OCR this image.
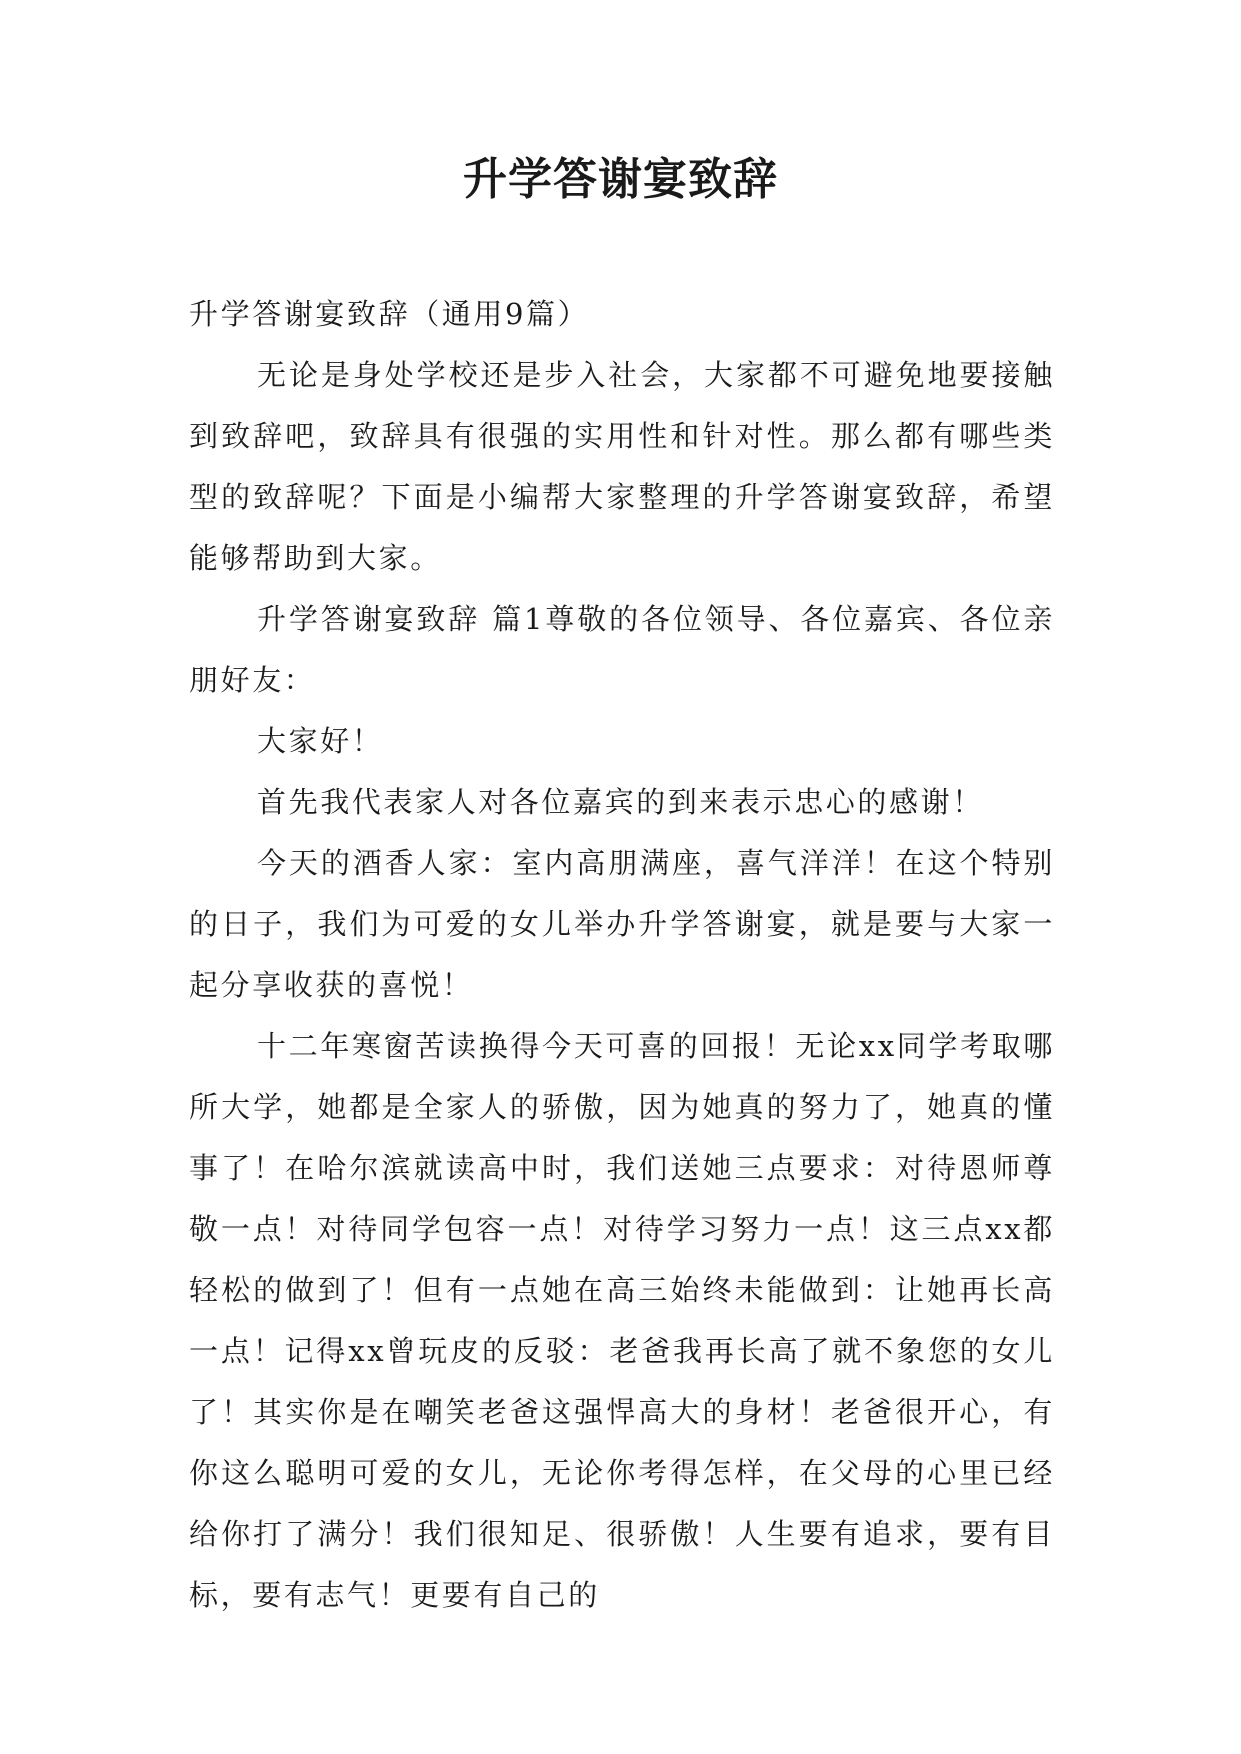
升学答谢宴致辞

升学答谢宴致辞（通用9篇）

无论是身处学校还是步入社会，大家都不可避免地要接触到致辞吧，致辞具有很强的实用性和针对性。那么都有哪些类型的致辞呢？下面是小编帮大家整理的升学答谢宴致辞，希望能够帮助到大家。

升学答谢宴致辞 篇1尊敬的各位领导、各位嘉宾、各位亲朋好友：

大家好！

首先我代表家人对各位嘉宾的到来表示忠心的感谢！

今天的酒香人家：室内高朋满座，喜气洋洋！在这个特别的日子，我们为可爱的女儿举办升学答谢宴，就是要与大家一起分享收获的喜悦！

十二年寒窗苦读换得今天可喜的回报！无论xx同学考取哪所大学，她都是全家人的骄傲，因为她真的努力了，她真的懂事了！在哈尔滨就读高中时，我们送她三点要求：对待恩师尊敬一点！对待同学包容一点！对待学习努力一点！这三点xx都轻松的做到了！但有一点她在高三始终未能做到：让她再长高一点！记得xx曾玩皮的反驳：老爸我再长高了就不象您的女儿了！其实你是在嘲笑老爸这强悍高大的身材！老爸很开心，有你这么聪明可爱的女儿，无论你考得怎样，在父母的心里已经给你打了满分！我们很知足、很骄傲！人生要有追求，要有目标，要有志气！更要有自己的
